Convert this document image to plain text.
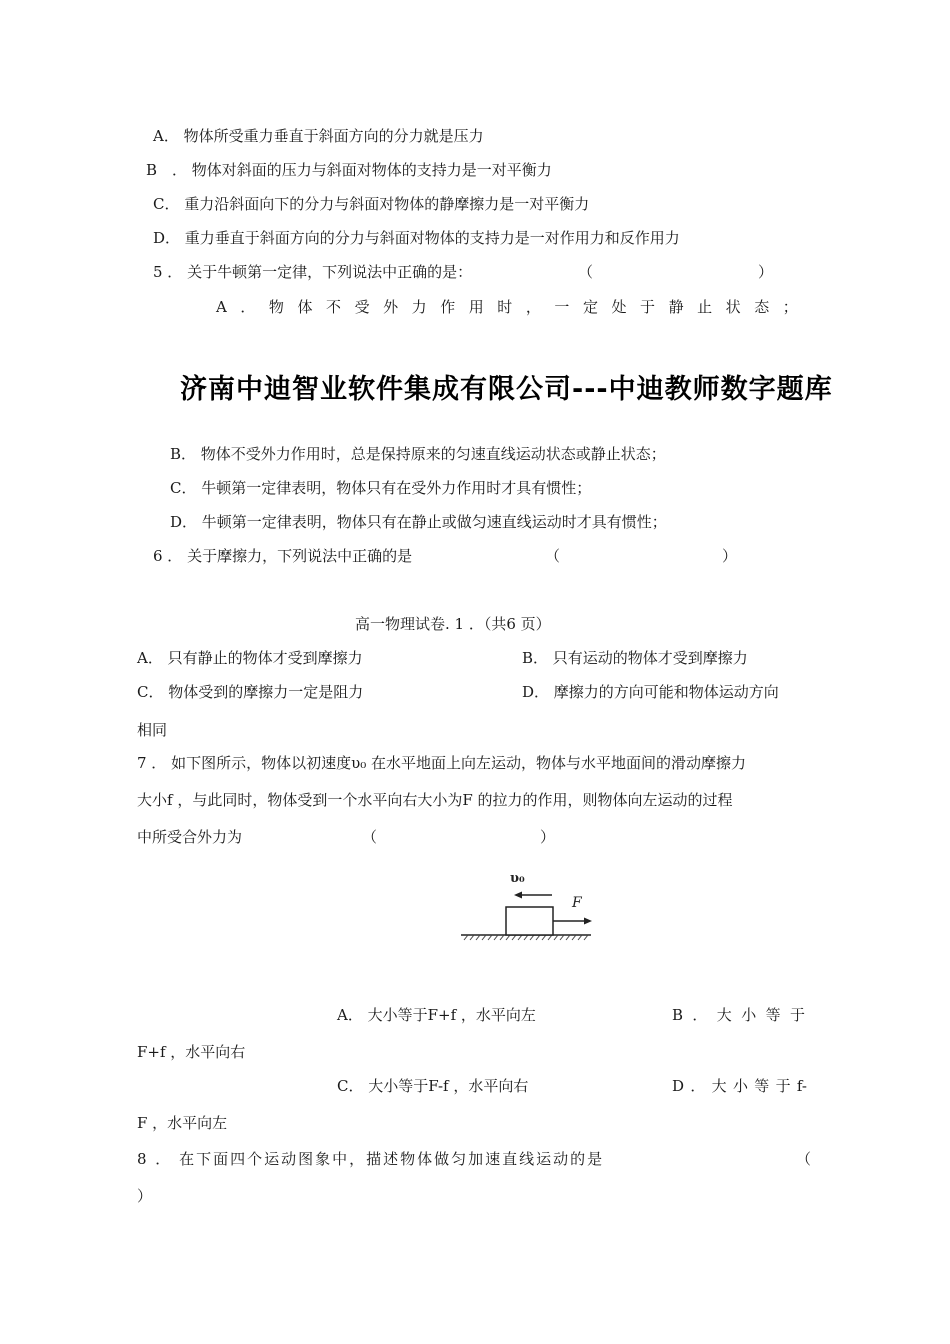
A． 物体所受重力垂直于斜面方向的分力就是压力
B　． 物体对斜面的压力与斜面对物体的支持力是一对平衡力
C． 重力沿斜面向下的分力与斜面对物体的静摩擦力是一对平衡力
D． 重力垂直于斜面方向的分力与斜面对物体的支持力是一对作用力和反作用力
5 ． 关于牛顿第一定律，下列说法中正确的是：	（	）
A ． 物 体 不 受 外 力 作 用 时 ， 一 定 处 于 静 止 状 态 ；
济南中迪智业软件集成有限公司---中迪教师数字题库
B． 物体不受外力作用时，总是保持原来的匀速直线运动状态或静止状态；
C． 牛顿第一定律表明，物体只有在受外力作用时才具有惯性；
D． 牛顿第一定律表明，物体只有在静止或做匀速直线运动时才具有惯性；
6 ． 关于摩擦力，下列说法中正确的是	（	）
高一物理试卷. 1 ．（共6 页）
A． 只有静止的物体才受到摩擦力	B． 只有运动的物体才受到摩擦力
C． 物体受到的摩擦力一定是阻力	D． 摩擦力的方向可能和物体运动方向
相同
7 ． 如下图所示，物体以初速度υ₀ 在水平地面上向左运动，物体与水平地面间的滑动摩擦力
大小f ，与此同时，物体受到一个水平向右大小为F 的拉力的作用，则物体向左运动的过程
中所受合外力为	（	）
υ₀
F
A． 大小等于F+f ，水平向左	B ． 大 小 等 于
F+f ，水平向右
C． 大小等于F-f ，水平向右	D ． 大 小 等 于 f-
F ，水平向左
8 ． 在下面四个运动图象中，描述物体做匀加速直线运动的是	（
）
